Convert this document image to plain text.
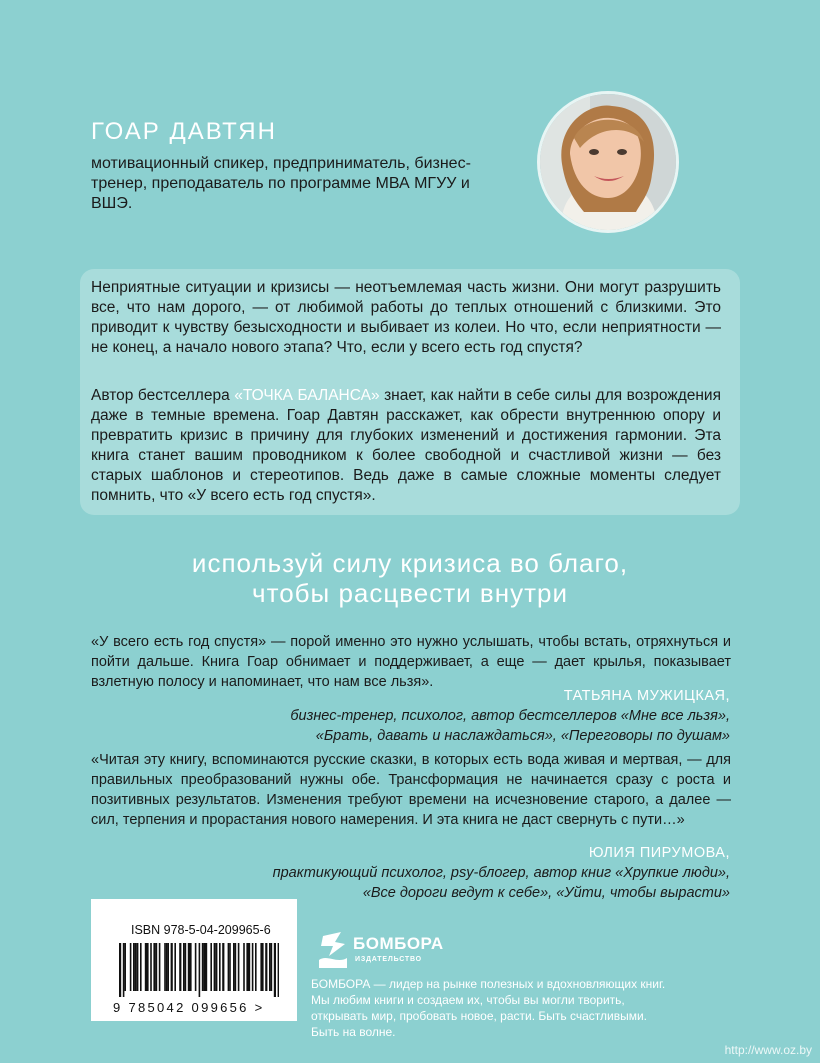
ГОАР ДАВТЯН
мотивационный спикер, предприниматель, бизнес-тренер, преподаватель по программе МВА МГУУ и ВШЭ.

Неприятные ситуации и кризисы — неотъемлемая часть жизни. Они могут разрушить все, что нам дорого, — от любимой работы до теплых отношений с близкими. Это приводит к чувству безысходности и выбивает из колеи. Но что, если неприятности — не конец, а начало нового этапа? Что, если у всего есть год спустя?

Автор бестселлера «ТОЧКА БАЛАНСА» знает, как найти в себе силы для возрождения даже в темные времена. Гоар Давтян расскажет, как обрести внутреннюю опору и превратить кризис в причину для глубоких изменений и достижения гармонии. Эта книга станет вашим проводником к более свободной и счастливой жизни — без старых шаблонов и стереотипов. Ведь даже в самые сложные моменты следует помнить, что «У всего есть год спустя».

используй силу кризиса во благо,
чтобы расцвести внутри

«У всего есть год спустя» — порой именно это нужно услышать, чтобы встать, отряхнуться и пойти дальше. Книга Гоар обнимает и поддерживает, а еще — дает крылья, показывает взлетную полосу и напоминает, что нам все льзя».

ТАТЬЯНА МУЖИЦКАЯ,
бизнес-тренер, психолог, автор бестселлеров «Мне все льзя»,
«Брать, давать и наслаждаться», «Переговоры по душам»

«Читая эту книгу, вспоминаются русские сказки, в которых есть вода живая и мертвая, — для правильных преобразований нужны обе. Трансформация не начинается сразу с роста и позитивных результатов. Изменения требуют времени на исчезновение старого, а далее — сил, терпения и прорастания нового намерения. И эта книга не даст свернуть с пути…»

ЮЛИЯ ПИРУМОВА,
практикующий психолог, psy-блогер, автор книг «Хрупкие люди»,
«Все дороги ведут к себе», «Уйти, чтобы вырасти»
ISBN 978-5-04-209965-6
9 785042 099656 >
БОМБОРА
ИЗДАТЕЛЬСТВО
БОМБОРА — лидер на рынке полезных и вдохновляющих книг. Мы любим книги и создаем их, чтобы вы могли творить, открывать мир, пробовать новое, расти. Быть счастливыми. Быть на волне.
http://www.oz.by
